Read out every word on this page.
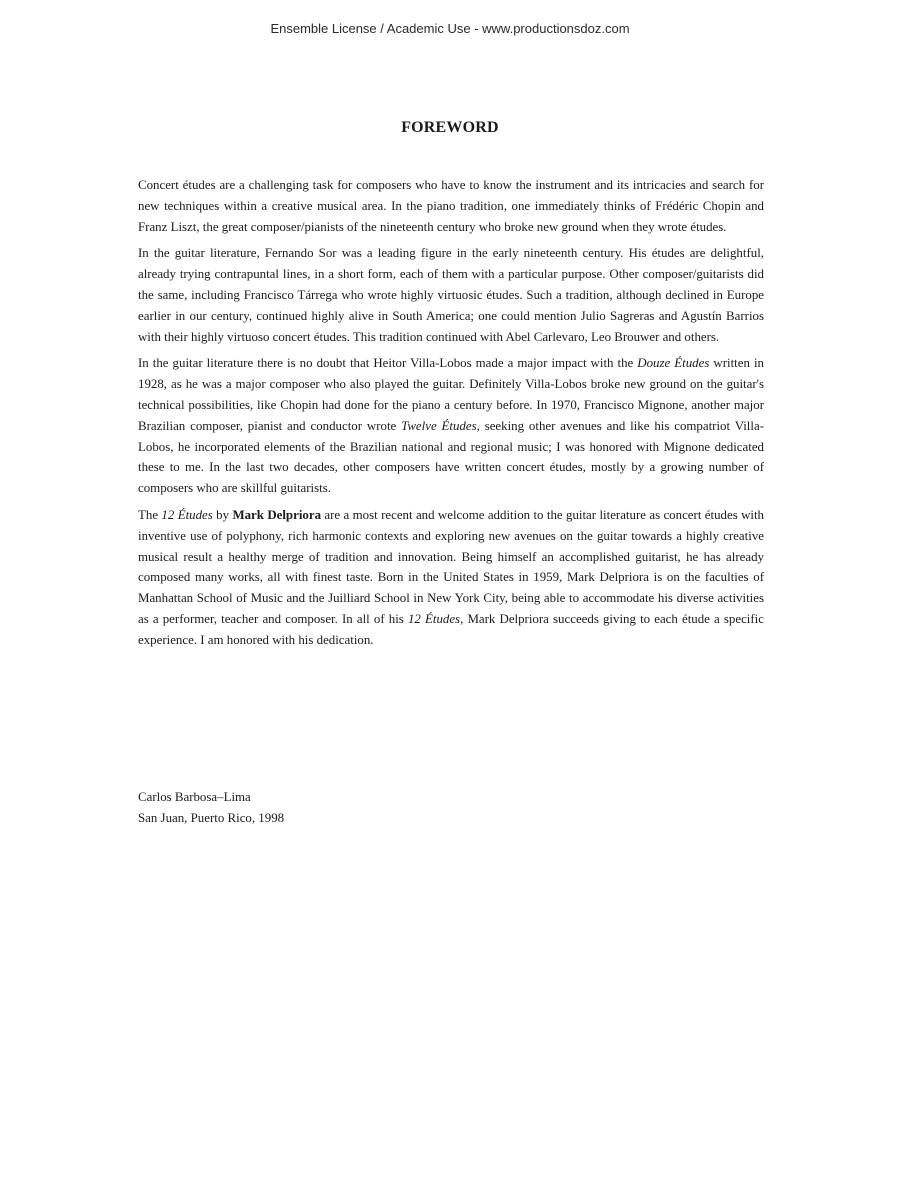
Ensemble License / Academic Use - www.productionsdoz.com
FOREWORD

Concert études are a challenging task for composers who have to know the instrument and its intricacies and search for new techniques within a creative musical area. In the piano tradition, one immediately thinks of Frédéric Chopin and Franz Liszt, the great composer/pianists of the nineteenth century who broke new ground when they wrote études.

In the guitar literature, Fernando Sor was a leading figure in the early nineteenth century. His études are delightful, already trying contrapuntal lines, in a short form, each of them with a particular purpose. Other composer/guitarists did the same, including Francisco Tárrega who wrote highly virtuosic études. Such a tradition, although declined in Europe earlier in our century, continued highly alive in South America; one could mention Julio Sagreras and Agustín Barrios with their highly virtuoso concert études. This tradition continued with Abel Carlevaro, Leo Brouwer and others.

In the guitar literature there is no doubt that Heitor Villa-Lobos made a major impact with the Douze Études written in 1928, as he was a major composer who also played the guitar. Definitely Villa-Lobos broke new ground on the guitar's technical possibilities, like Chopin had done for the piano a century before. In 1970, Francisco Mignone, another major Brazilian composer, pianist and conductor wrote Twelve Études, seeking other avenues and like his compatriot Villa-Lobos, he incorporated elements of the Brazilian national and regional music; I was honored with Mignone dedicated these to me. In the last two decades, other composers have written concert études, mostly by a growing number of composers who are skillful guitarists.

The 12 Études by Mark Delpriora are a most recent and welcome addition to the guitar literature as concert études with inventive use of polyphony, rich harmonic contexts and exploring new avenues on the guitar towards a highly creative musical result a healthy merge of tradition and innovation. Being himself an accomplished guitarist, he has already composed many works, all with finest taste. Born in the United States in 1959, Mark Delpriora is on the faculties of Manhattan School of Music and the Juilliard School in New York City, being able to accommodate his diverse activities as a performer, teacher and composer. In all of his 12 Études, Mark Delpriora succeeds giving to each étude a specific experience. I am honored with his dedication.

Carlos Barbosa–Lima
San Juan, Puerto Rico, 1998
